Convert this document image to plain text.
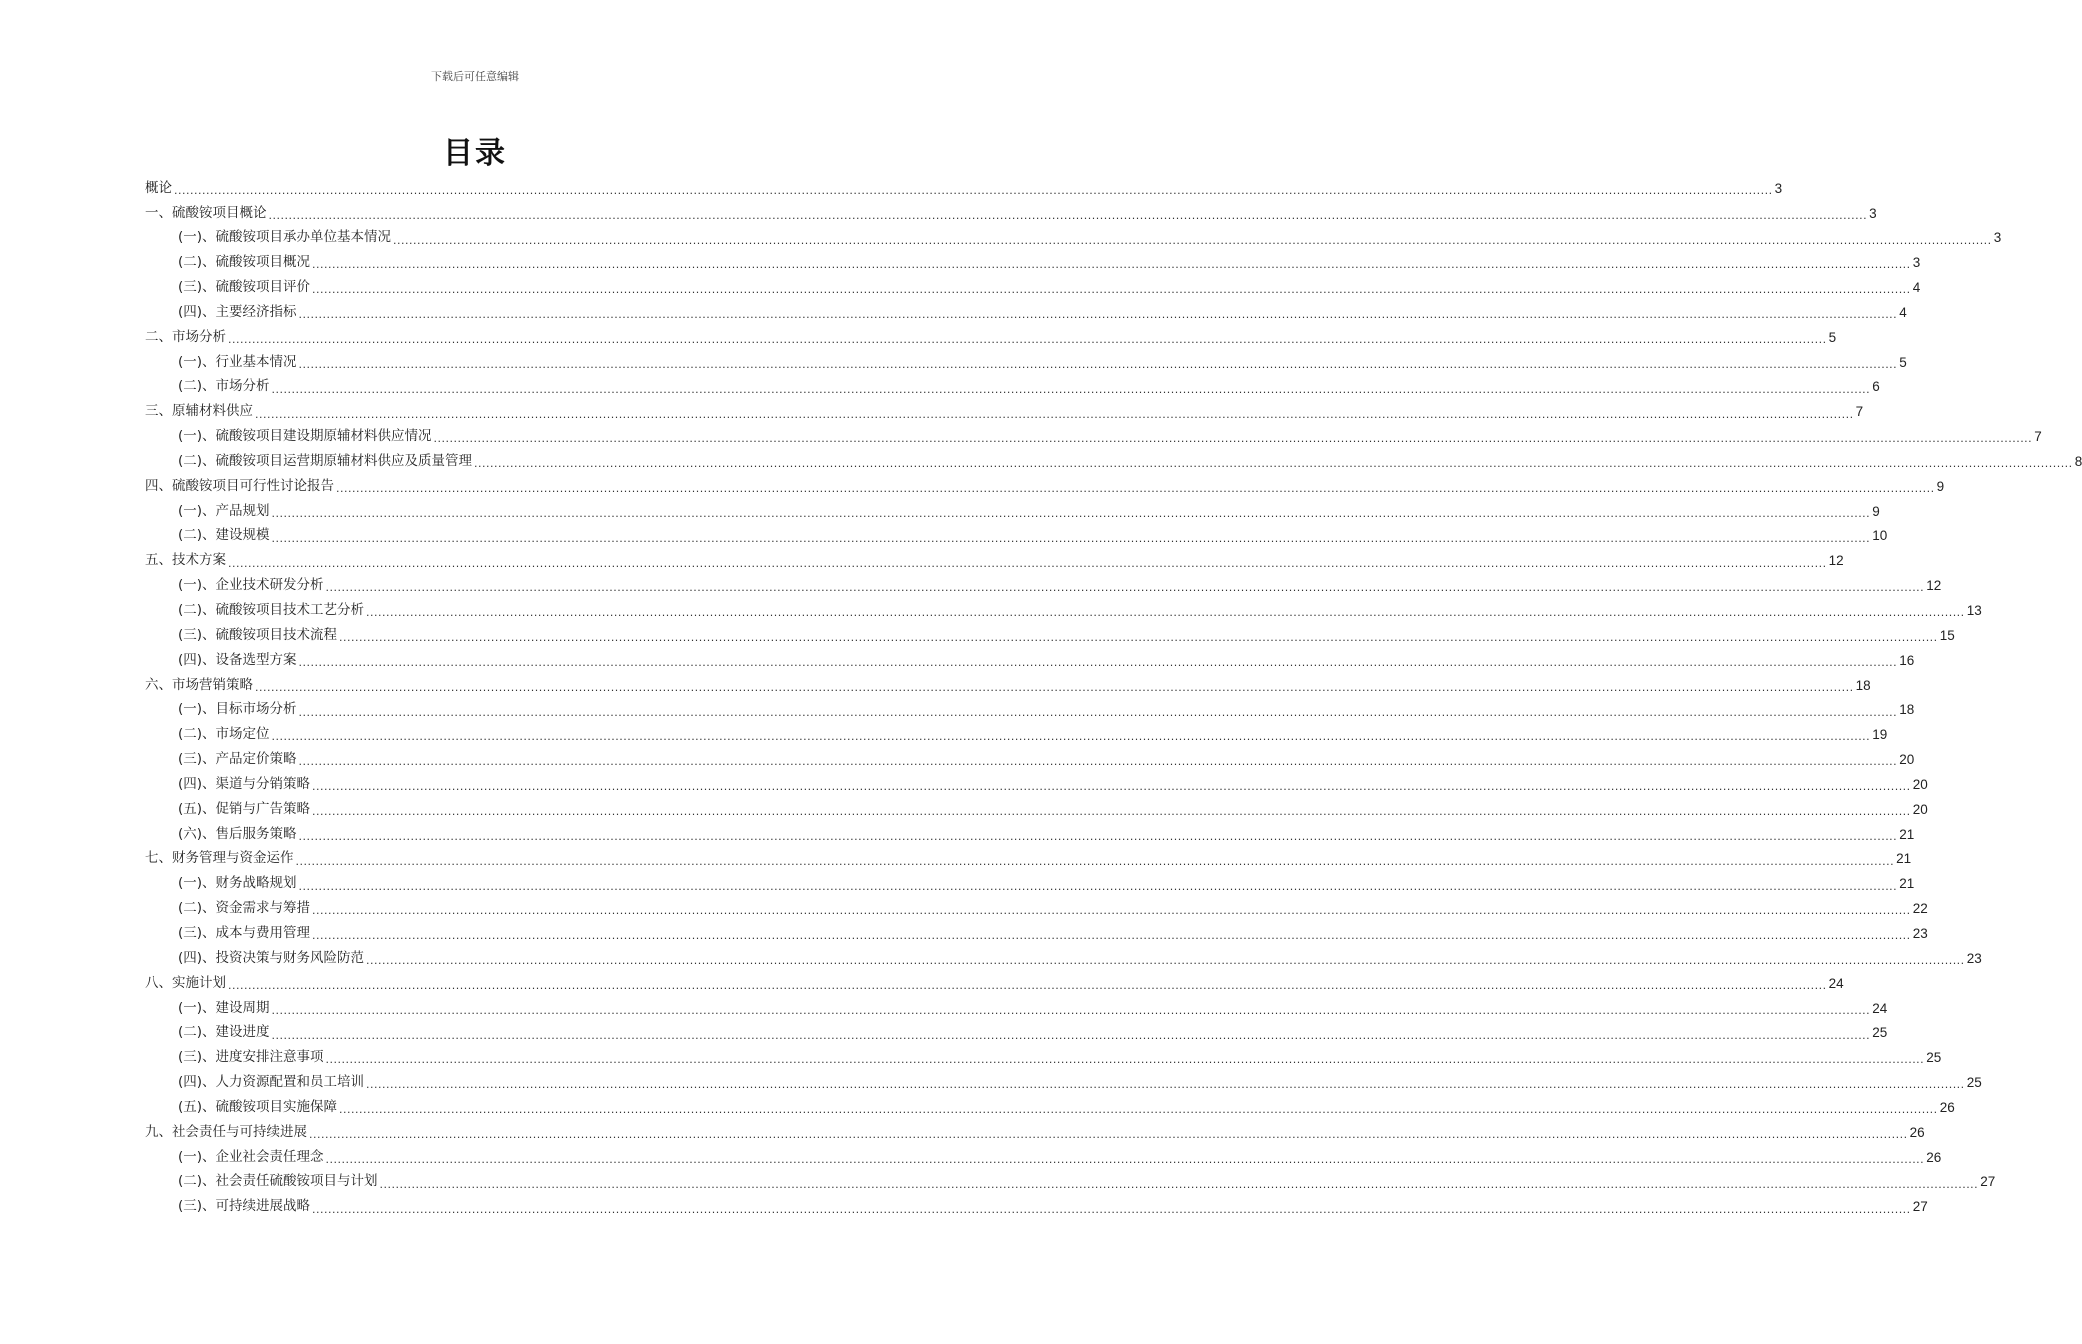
下载后可任意编辑
目录
概论 ................................................................................................................................................................................................................................................................................................................................................................................................................ 3
一、硫酸铵项目概论 ................................................................................................................................................................................................................................................................................................................................................................................................................ 3
(一)、硫酸铵项目承办单位基本情况 ................................................................................................................................................................................................................................................................................................................................................................................................................ 3
(二)、硫酸铵项目概况 ................................................................................................................................................................................................................................................................................................................................................................................................................ 3
(三)、硫酸铵项目评价 ................................................................................................................................................................................................................................................................................................................................................................................................................ 4
(四)、主要经济指标 ................................................................................................................................................................................................................................................................................................................................................................................................................ 4
二、市场分析 ................................................................................................................................................................................................................................................................................................................................................................................................................ 5
(一)、行业基本情况 ................................................................................................................................................................................................................................................................................................................................................................................................................ 5
(二)、市场分析 ................................................................................................................................................................................................................................................................................................................................................................................................................ 6
三、原辅材料供应 ................................................................................................................................................................................................................................................................................................................................................................................................................ 7
(一)、硫酸铵项目建设期原辅材料供应情况 ................................................................................................................................................................................................................................................................................................................................................................................................................ 7
(二)、硫酸铵项目运营期原辅材料供应及质量管理 ................................................................................................................................................................................................................................................................................................................................................................................................................ 8
四、硫酸铵项目可行性讨论报告 ................................................................................................................................................................................................................................................................................................................................................................................................................ 9
(一)、产品规划 ................................................................................................................................................................................................................................................................................................................................................................................................................ 9
(二)、建设规模 ................................................................................................................................................................................................................................................................................................................................................................................................................ 10
五、技术方案 ................................................................................................................................................................................................................................................................................................................................................................................................................ 12
(一)、企业技术研发分析 ................................................................................................................................................................................................................................................................................................................................................................................................................ 12
(二)、硫酸铵项目技术工艺分析 ................................................................................................................................................................................................................................................................................................................................................................................................................ 13
(三)、硫酸铵项目技术流程 ................................................................................................................................................................................................................................................................................................................................................................................................................ 15
(四)、设备选型方案 ................................................................................................................................................................................................................................................................................................................................................................................................................ 16
六、市场营销策略 ................................................................................................................................................................................................................................................................................................................................................................................................................ 18
(一)、目标市场分析 ................................................................................................................................................................................................................................................................................................................................................................................................................ 18
(二)、市场定位 ................................................................................................................................................................................................................................................................................................................................................................................................................ 19
(三)、产品定价策略 ................................................................................................................................................................................................................................................................................................................................................................................................................ 20
(四)、渠道与分销策略 ................................................................................................................................................................................................................................................................................................................................................................................................................ 20
(五)、促销与广告策略 ................................................................................................................................................................................................................................................................................................................................................................................................................ 20
(六)、售后服务策略 ................................................................................................................................................................................................................................................................................................................................................................................................................ 21
七、财务管理与资金运作 ................................................................................................................................................................................................................................................................................................................................................................................................................ 21
(一)、财务战略规划 ................................................................................................................................................................................................................................................................................................................................................................................................................ 21
(二)、资金需求与筹措 ................................................................................................................................................................................................................................................................................................................................................................................................................ 22
(三)、成本与费用管理 ................................................................................................................................................................................................................................................................................................................................................................................................................ 23
(四)、投资决策与财务风险防范 ................................................................................................................................................................................................................................................................................................................................................................................................................ 23
八、实施计划 ................................................................................................................................................................................................................................................................................................................................................................................................................ 24
(一)、建设周期 ................................................................................................................................................................................................................................................................................................................................................................................................................ 24
(二)、建设进度 ................................................................................................................................................................................................................................................................................................................................................................................................................ 25
(三)、进度安排注意事项 ................................................................................................................................................................................................................................................................................................................................................................................................................ 25
(四)、人力资源配置和员工培训 ................................................................................................................................................................................................................................................................................................................................................................................................................ 25
(五)、硫酸铵项目实施保障 ................................................................................................................................................................................................................................................................................................................................................................................................................ 26
九、社会责任与可持续进展 ................................................................................................................................................................................................................................................................................................................................................................................................................ 26
(一)、企业社会责任理念 ................................................................................................................................................................................................................................................................................................................................................................................................................ 26
(二)、社会责任硫酸铵项目与计划 ................................................................................................................................................................................................................................................................................................................................................................................................................ 27
(三)、可持续进展战略 ................................................................................................................................................................................................................................................................................................................................................................................................................ 27
